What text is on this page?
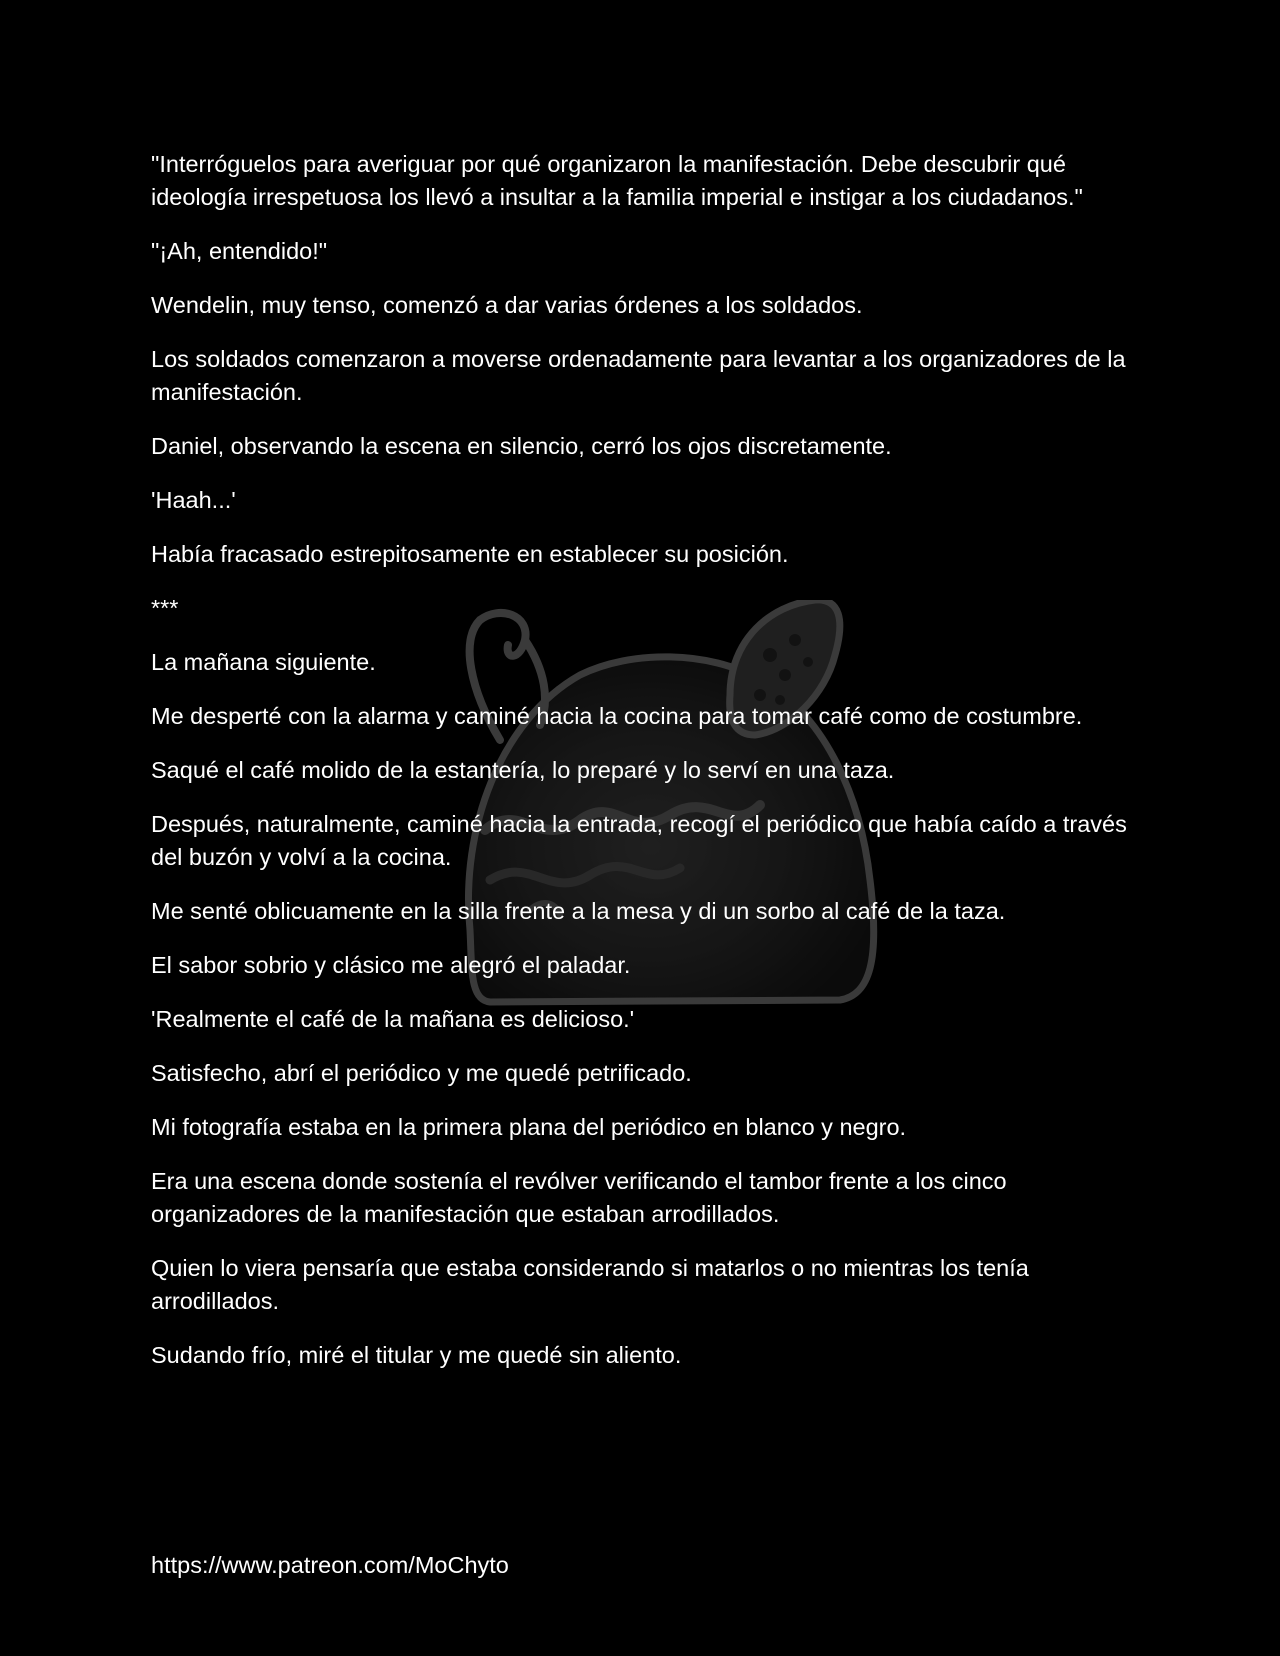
"Interróguelos para averiguar por qué organizaron la manifestación. Debe descubrir qué ideología irrespetuosa los llevó a insultar a la familia imperial e instigar a los ciudadanos."

"¡Ah, entendido!"

Wendelin, muy tenso, comenzó a dar varias órdenes a los soldados.

Los soldados comenzaron a moverse ordenadamente para levantar a los organizadores de la manifestación.

Daniel, observando la escena en silencio, cerró los ojos discretamente.

'Haah...'

Había fracasado estrepitosamente en establecer su posición.

***

La mañana siguiente.

Me desperté con la alarma y caminé hacia la cocina para tomar café como de costumbre.

Saqué el café molido de la estantería, lo preparé y lo serví en una taza.

Después, naturalmente, caminé hacia la entrada, recogí el periódico que había caído a través del buzón y volví a la cocina.

Me senté oblicuamente en la silla frente a la mesa y di un sorbo al café de la taza.

El sabor sobrio y clásico me alegró el paladar.

'Realmente el café de la mañana es delicioso.'

Satisfecho, abrí el periódico y me quedé petrificado.

Mi fotografía estaba en la primera plana del periódico en blanco y negro.

Era una escena donde sostenía el revólver verificando el tambor frente a los cinco organizadores de la manifestación que estaban arrodillados.

Quien lo viera pensaría que estaba considerando si matarlos o no mientras los tenía arrodillados.

Sudando frío, miré el titular y me quedé sin aliento.

https://www.patreon.com/MoChyto
